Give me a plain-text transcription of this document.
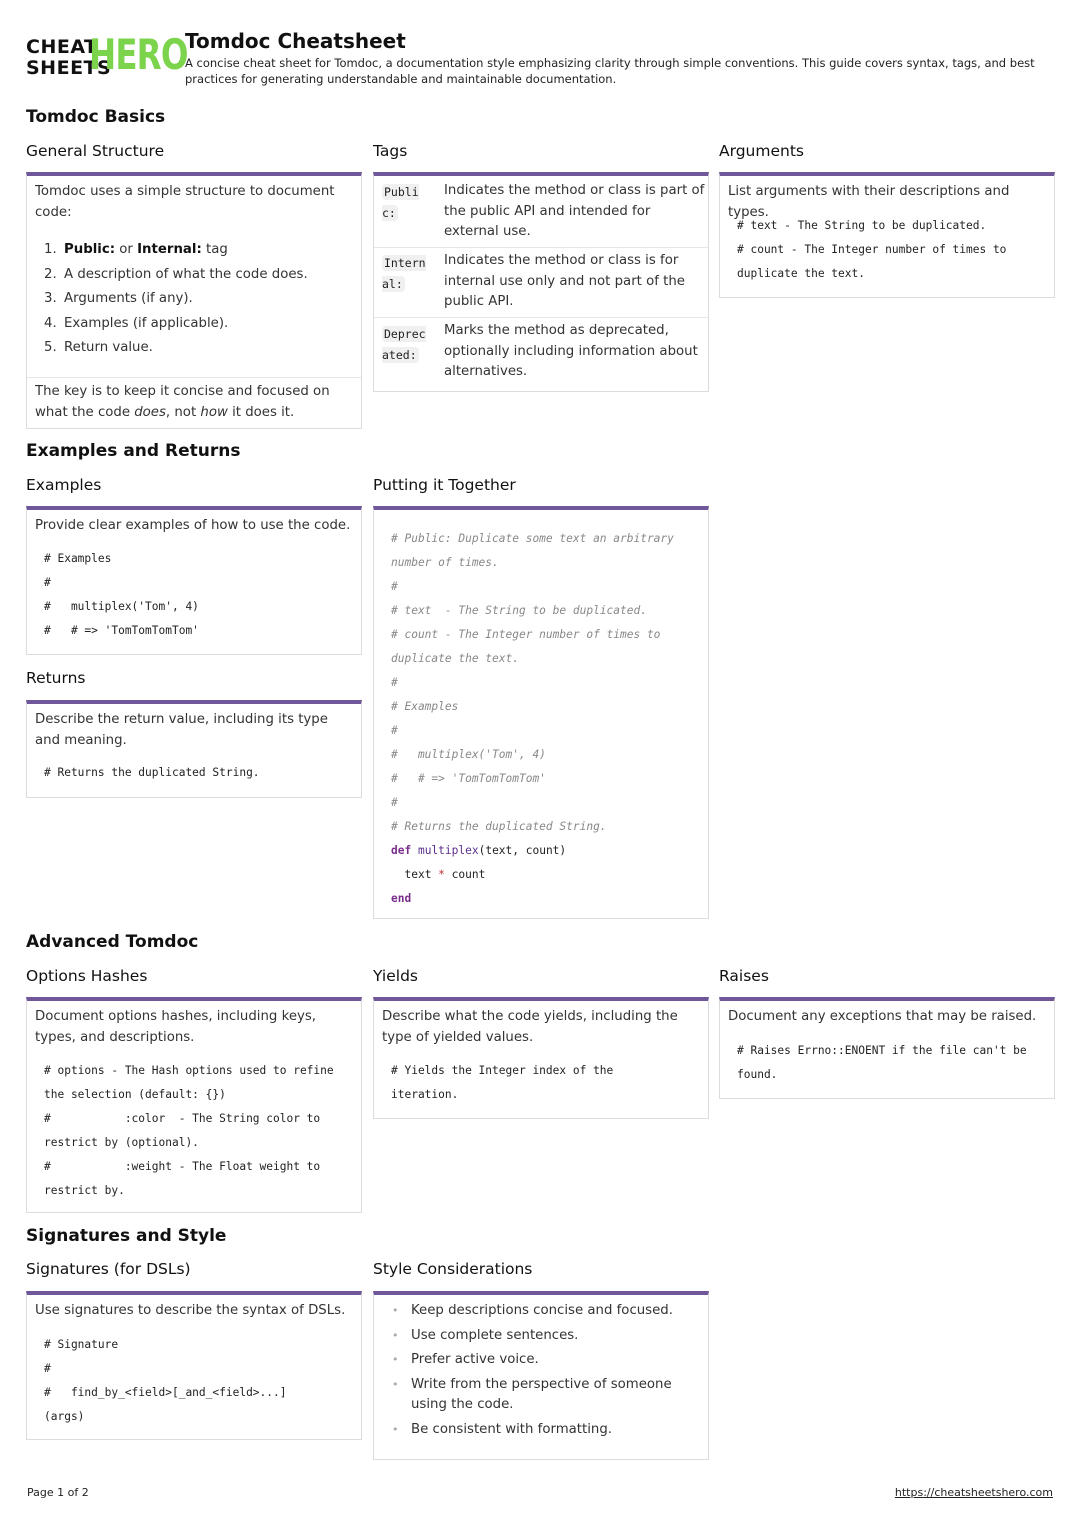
CHEAT
SHEETS
HERO
Tomdoc Cheatsheet
A concise cheat sheet for Tomdoc, a documentation style emphasizing clarity through simple conventions. This guide covers syntax, tags, and best practices for generating understandable and maintainable documentation.
Tomdoc Basics
General Structure
Tomdoc uses a simple structure to document code:
1. Public: or Internal: tag
2. A description of what the code does.
3. Arguments (if any).
4. Examples (if applicable).
5. Return value.
The key is to keep it concise and focused on what the code does, not how it does it.
Tags
Public:
Indicates the method or class is part of the public API and intended for external use.
Internal:
Indicates the method or class is for internal use only and not part of the public API.
Deprecated:
Marks the method as deprecated, optionally including information about alternatives.
Arguments
List arguments with their descriptions and types.
# text - The String to be duplicated.
# count - The Integer number of times to duplicate the text.
Examples and Returns
Examples
Provide clear examples of how to use the code.
# Examples
#
#   multiplex('Tom', 4)
#   # => 'TomTomTomTom'
Returns
Describe the return value, including its type and meaning.
# Returns the duplicated String.
Putting it Together
# Public: Duplicate some text an arbitrary number of times.
#
# text  - The String to be duplicated.
# count - The Integer number of times to duplicate the text.
#
# Examples
#
#   multiplex('Tom', 4)
#   # => 'TomTomTomTom'
#
# Returns the duplicated String.
def multiplex(text, count)
text * count
end
Advanced Tomdoc
Options Hashes
Document options hashes, including keys, types, and descriptions.
# options - The Hash options used to refine the selection (default: {})
#           :color  - The String color to restrict by (optional).
#           :weight - The Float weight to restrict by.
Yields
Describe what the code yields, including the type of yielded values.
# Yields the Integer index of the iteration.
Raises
Document any exceptions that may be raised.
# Raises Errno::ENOENT if the file can't be found.
Signatures and Style
Signatures (for DSLs)
Use signatures to describe the syntax of DSLs.
# Signature
#
#   find_by_<field>[_and_<field>...](args)
Style Considerations
• Keep descriptions concise and focused.
• Use complete sentences.
• Prefer active voice.
• Write from the perspective of someone using the code.
• Be consistent with formatting.
Page 1 of 2	https://cheatsheetshero.com
